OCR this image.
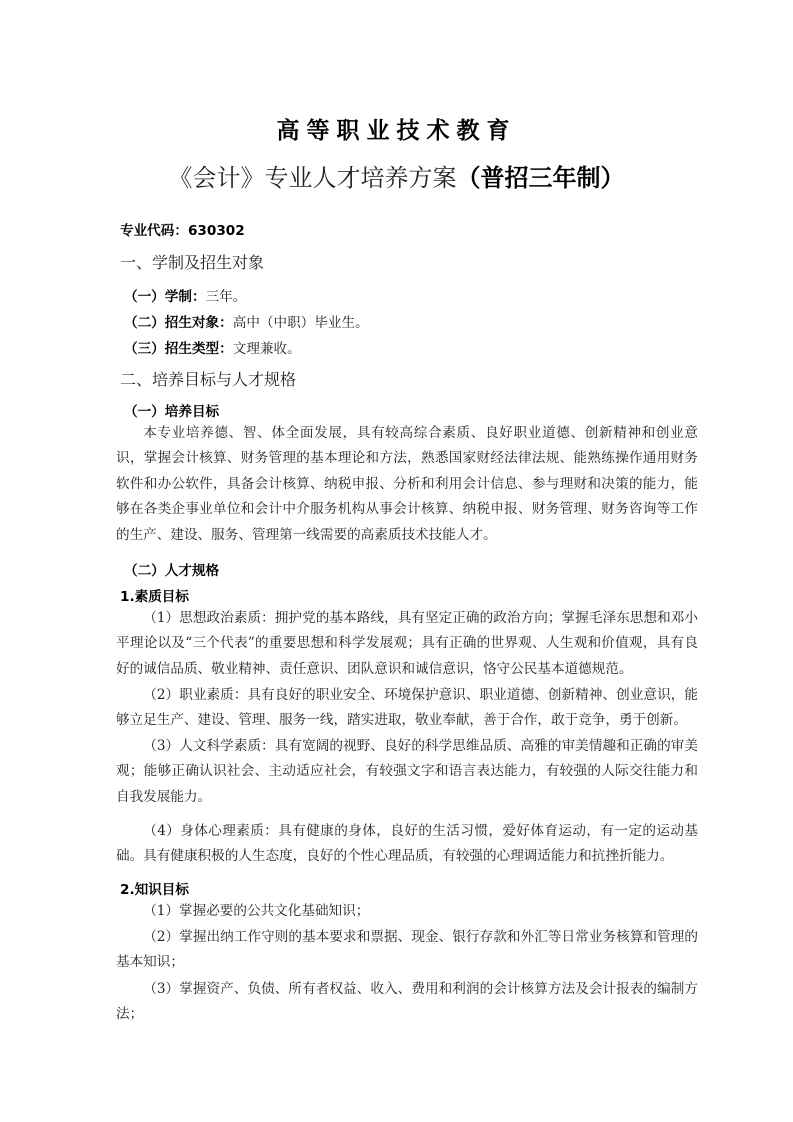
高等职业技术教育
《会计》专业人才培养方案（普招三年制）
专业代码：630302
一、学制及招生对象
（一）学制：三年。
（二）招生对象：高中（中职）毕业生。
（三）招生类型：文理兼收。
二、培养目标与人才规格
（一）培养目标
本专业培养德、智、体全面发展，具有较高综合素质、良好职业道德、创新精神和创业意识，掌握会计核算、财务管理的基本理论和方法，熟悉国家财经法律法规、能熟练操作通用财务软件和办公软件，具备会计核算、纳税申报、分析和利用会计信息、参与理财和决策的能力，能够在各类企事业单位和会计中介服务机构从事会计核算、纳税申报、财务管理、财务咨询等工作的生产、建设、服务、管理第一线需要的高素质技术技能人才。
（二）人才规格
1.素质目标
（1）思想政治素质：拥护党的基本路线，具有坚定正确的政治方向；掌握毛泽东思想和邓小平理论以及“三个代表”的重要思想和科学发展观；具有正确的世界观、人生观和价值观，具有良好的诚信品质、敬业精神、责任意识、团队意识和诚信意识，恪守公民基本道德规范。
（2）职业素质：具有良好的职业安全、环境保护意识、职业道德、创新精神、创业意识，能够立足生产、建设、管理、服务一线，踏实进取，敬业奉献，善于合作，敢于竞争，勇于创新。
（3）人文科学素质：具有宽阔的视野、良好的科学思维品质、高雅的审美情趣和正确的审美观；能够正确认识社会、主动适应社会，有较强文字和语言表达能力，有较强的人际交往能力和自我发展能力。
（4）身体心理素质：具有健康的身体，良好的生活习惯，爱好体育运动，有一定的运动基础。具有健康积极的人生态度，良好的个性心理品质，有较强的心理调适能力和抗挫折能力。
2.知识目标
（1）掌握必要的公共文化基础知识；
（2）掌握出纳工作守则的基本要求和票据、现金、银行存款和外汇等日常业务核算和管理的基本知识；
（3）掌握资产、负债、所有者权益、收入、费用和利润的会计核算方法及会计报表的编制方法；
